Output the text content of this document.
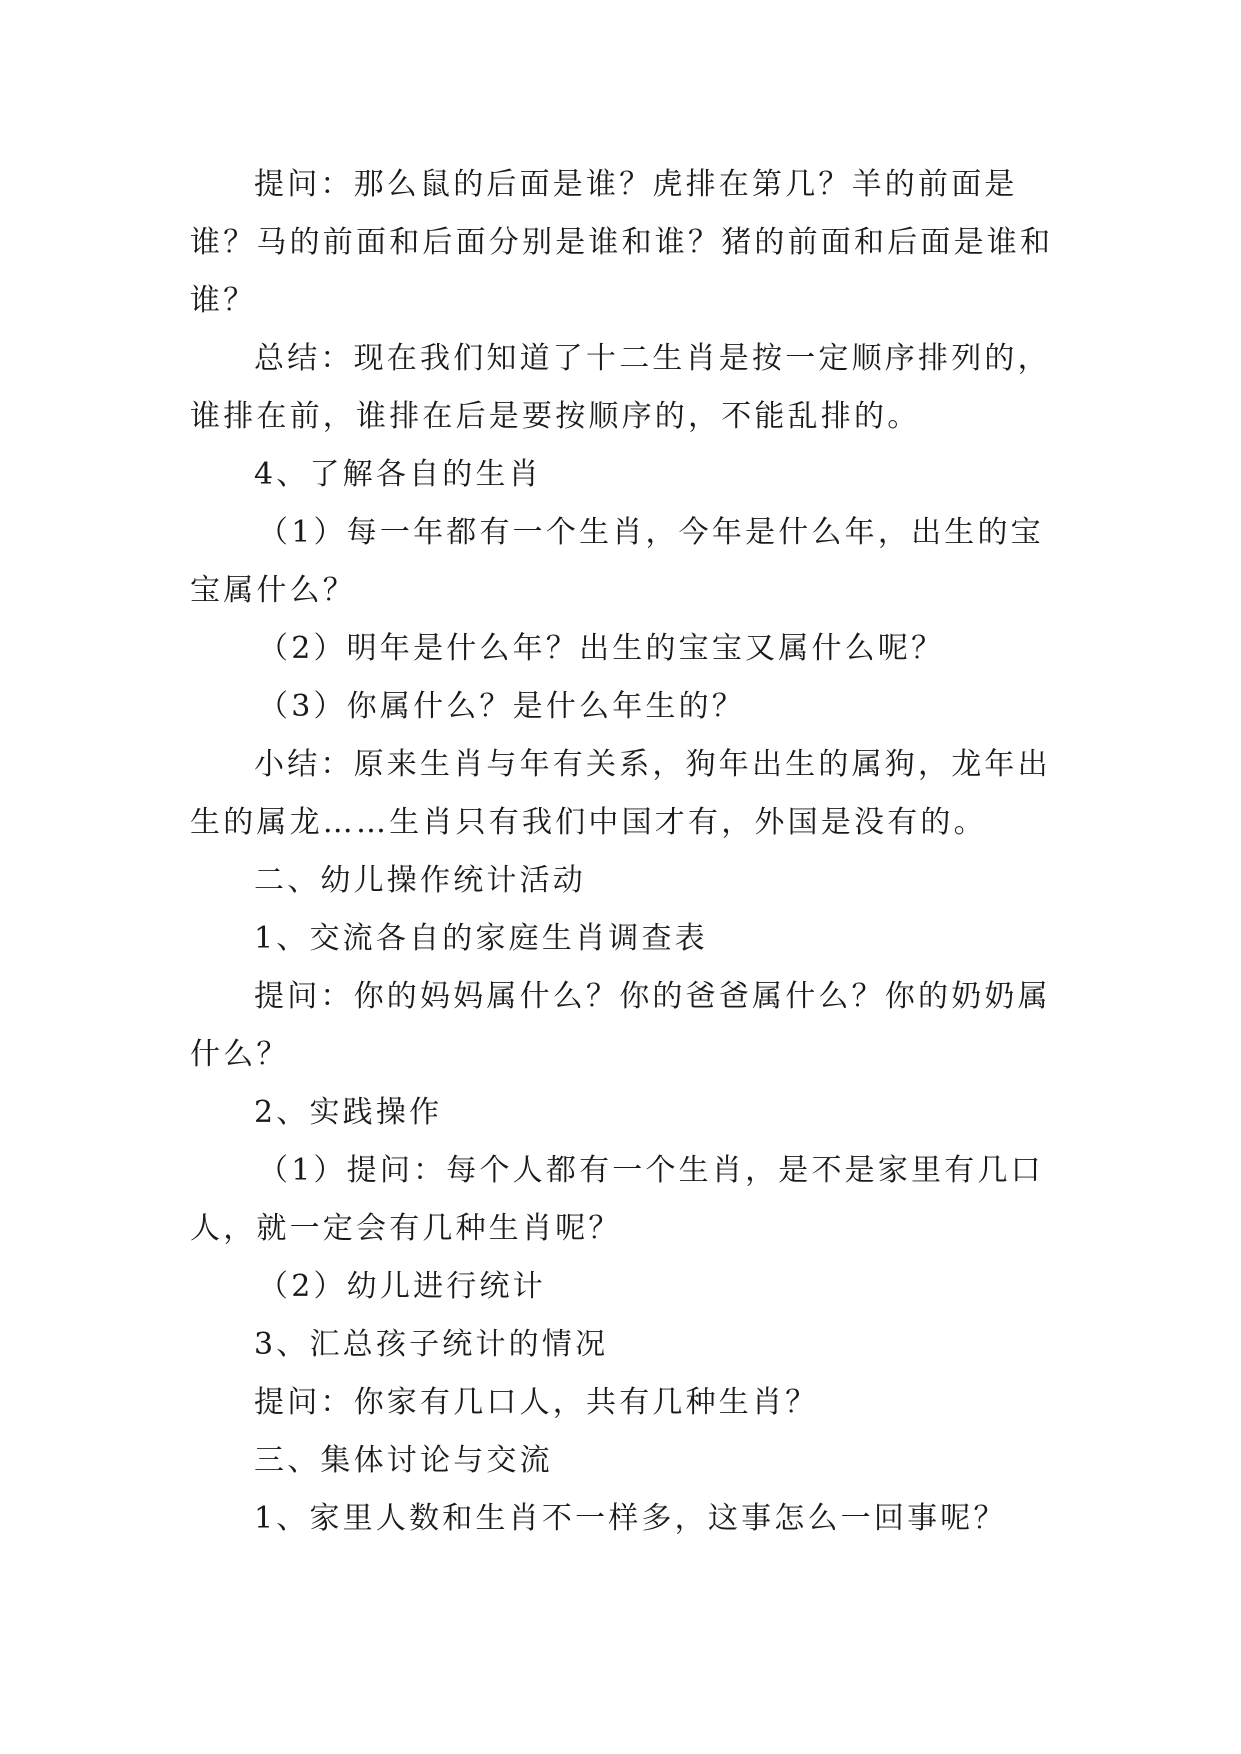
提问：那么鼠的后面是谁？虎排在第几？羊的前面是谁？马的前面和后面分别是谁和谁？猪的前面和后面是谁和谁？

总结：现在我们知道了十二生肖是按一定顺序排列的，谁排在前，谁排在后是要按顺序的，不能乱排的。

4、了解各自的生肖

（1）每一年都有一个生肖，今年是什么年，出生的宝宝属什么？

（2）明年是什么年？出生的宝宝又属什么呢？

（3）你属什么？是什么年生的？

小结：原来生肖与年有关系，狗年出生的属狗，龙年出生的属龙……生肖只有我们中国才有，外国是没有的。

二、幼儿操作统计活动

1、交流各自的家庭生肖调查表

提问：你的妈妈属什么？你的爸爸属什么？你的奶奶属什么？

2、实践操作

（1）提问：每个人都有一个生肖，是不是家里有几口人，就一定会有几种生肖呢？

（2）幼儿进行统计

3、汇总孩子统计的情况

提问：你家有几口人，共有几种生肖？

三、集体讨论与交流

1、家里人数和生肖不一样多，这事怎么一回事呢？
